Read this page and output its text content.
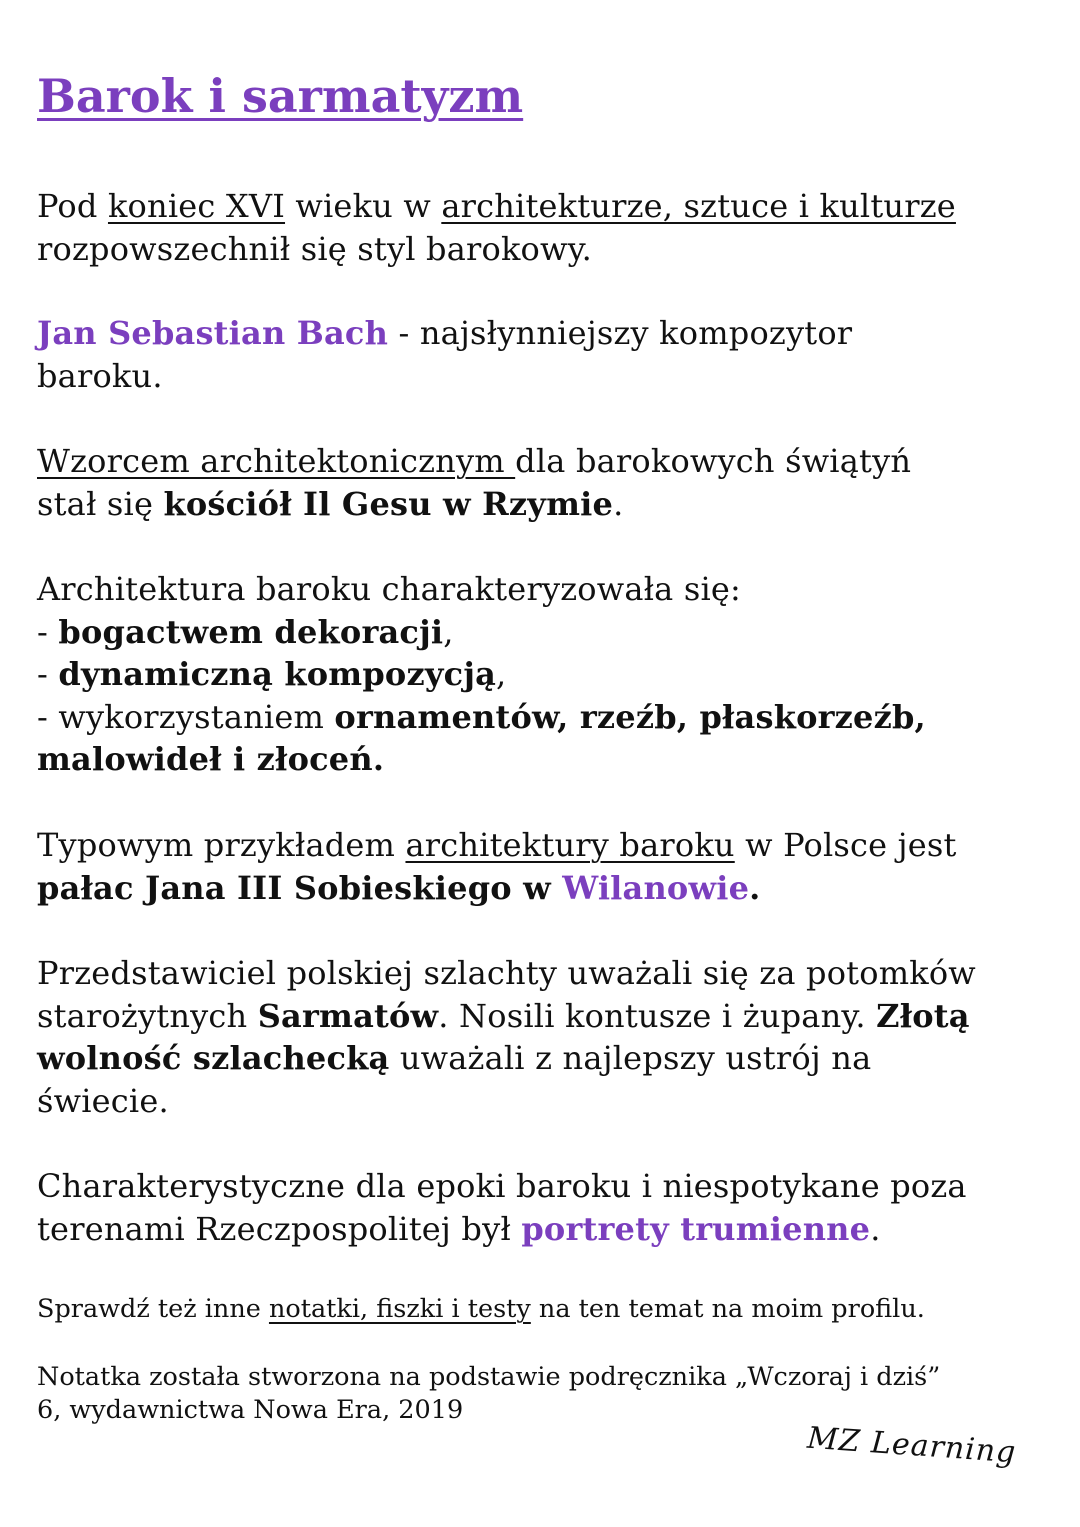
Barok i sarmatyzm

Pod koniec XVI wieku w architekturze, sztuce i kulturze
rozpowszechnił się styl barokowy.

Jan Sebastian Bach - najsłynniejszy kompozytor
baroku.

Wzorcem architektonicznym dla barokowych świątyń
stał się kościół Il Gesu w Rzymie.

Architektura baroku charakteryzowała się:
- bogactwem dekoracji,
- dynamiczną kompozycją,
- wykorzystaniem ornamentów, rzeźb, płaskorzeźb,
malowideł i złoceń.

Typowym przykładem architektury baroku w Polsce jest
pałac Jana III Sobieskiego w Wilanowie.

Przedstawiciel polskiej szlachty uważali się za potomków
starożytnych Sarmatów. Nosili kontusze i żupany. Złotą
wolność szlachecką uważali z najlepszy ustrój na
świecie.

Charakterystyczne dla epoki baroku i niespotykane poza
terenami Rzeczpospolitej był portrety trumienne.

Sprawdź też inne notatki, fiszki i testy na ten temat na moim profilu.

Notatka została stworzona na podstawie podręcznika „Wczoraj i dziś”
6, wydawnictwa Nowa Era, 2019

MZ Learning
